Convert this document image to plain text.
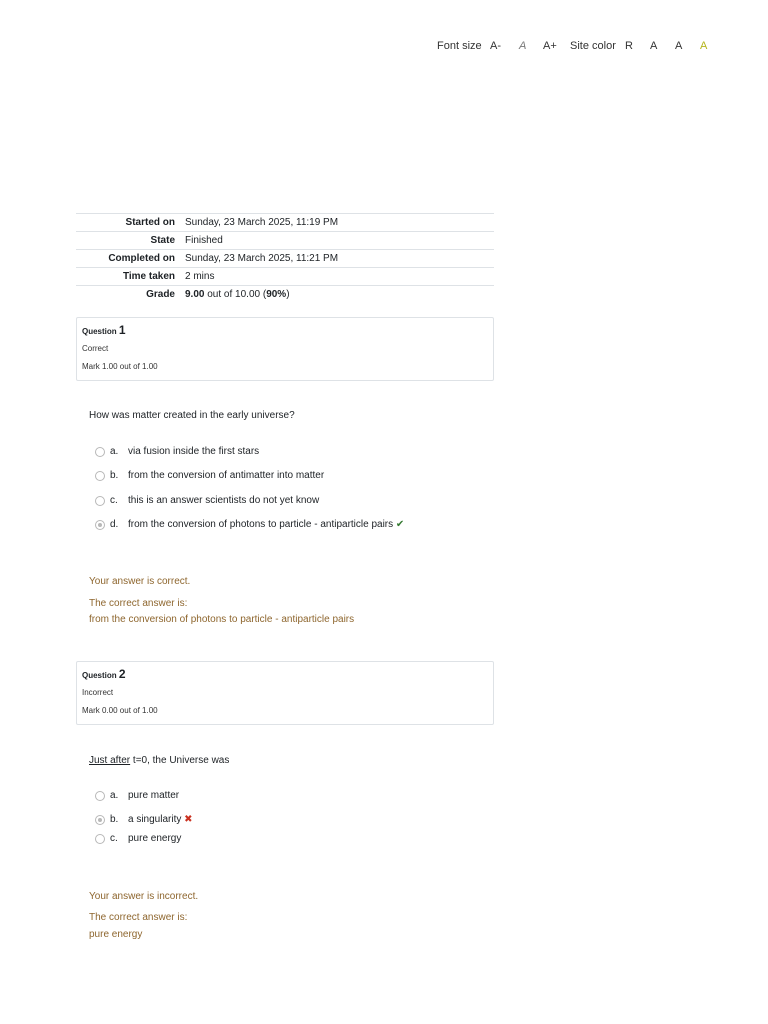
Font size A- A A+ Site color R A A A
Started on	Sunday, 23 March 2025, 11:19 PM
State	Finished
Completed on	Sunday, 23 March 2025, 11:21 PM
Time taken	2 mins
Grade	9.00 out of 10.00 (90%)
Question 1
Correct
Mark 1.00 out of 1.00
How was matter created in the early universe?
a. via fusion inside the first stars
b. from the conversion of antimatter into matter
c. this is an answer scientists do not yet know
d. from the conversion of photons to particle - antiparticle pairs ✔
Your answer is correct.
The correct answer is:
from the conversion of photons to particle - antiparticle pairs
Question 2
Incorrect
Mark 0.00 out of 1.00
Just after t=0, the Universe was
a. pure matter
b. a singularity ✖
c. pure energy
Your answer is incorrect.
The correct answer is:
pure energy
